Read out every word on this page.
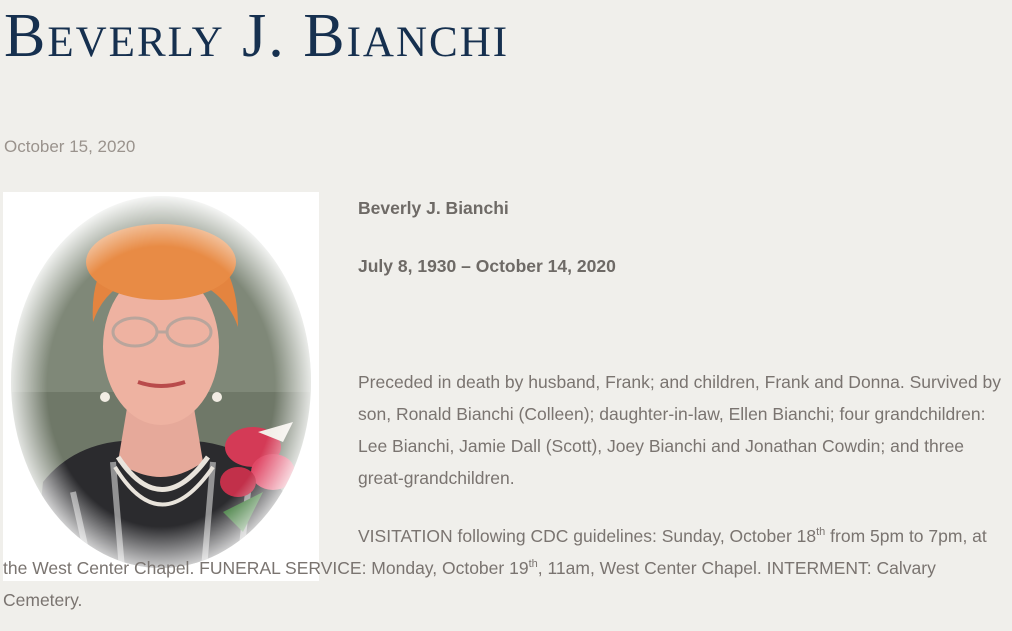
Beverly J. Bianchi
October 15, 2020

Beverly J. Bianchi

July 8, 1930 – October 14, 2020

Preceded in death by husband, Frank; and children, Frank and Donna. Survived by son, Ronald Bianchi (Colleen); daughter-in-law, Ellen Bianchi; four grandchildren: Lee Bianchi, Jamie Dall (Scott), Joey Bianchi and Jonathan Cowdin; and three great-grandchildren.

VISITATION following CDC guidelines: Sunday, October 18th from 5pm to 7pm, at the West Center Chapel. FUNERAL SERVICE: Monday, October 19th, 11am, West Center Chapel. INTERMENT: Calvary Cemetery.
